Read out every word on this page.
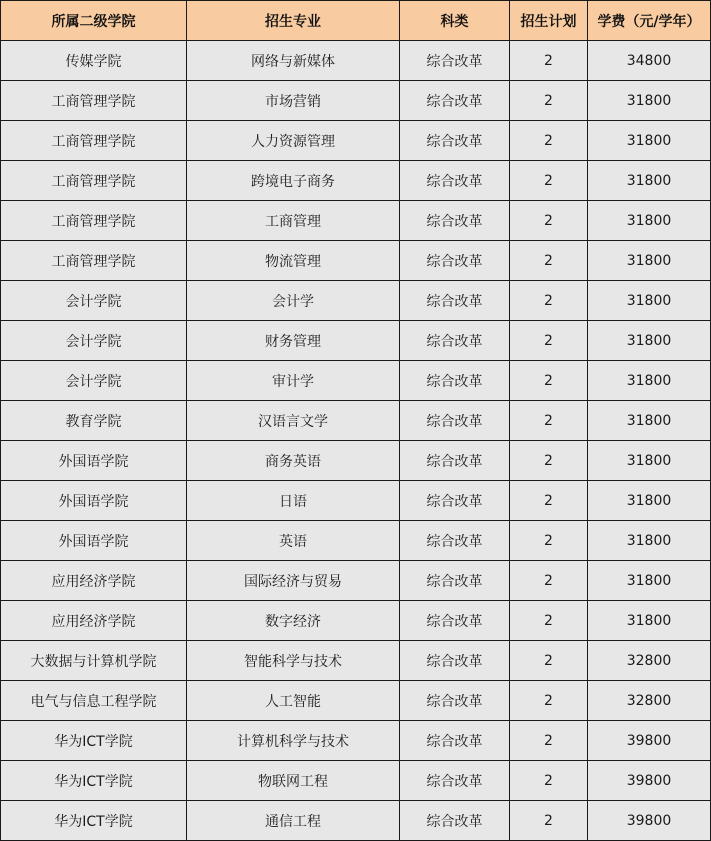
所属二级学院	招生专业	科类	招生计划	学费（元/学年）
传媒学院	网络与新媒体	综合改革	2	34800
工商管理学院	市场营销	综合改革	2	31800
工商管理学院	人力资源管理	综合改革	2	31800
工商管理学院	跨境电子商务	综合改革	2	31800
工商管理学院	工商管理	综合改革	2	31800
工商管理学院	物流管理	综合改革	2	31800
会计学院	会计学	综合改革	2	31800
会计学院	财务管理	综合改革	2	31800
会计学院	审计学	综合改革	2	31800
教育学院	汉语言文学	综合改革	2	31800
外国语学院	商务英语	综合改革	2	31800
外国语学院	日语	综合改革	2	31800
外国语学院	英语	综合改革	2	31800
应用经济学院	国际经济与贸易	综合改革	2	31800
应用经济学院	数字经济	综合改革	2	31800
大数据与计算机学院	智能科学与技术	综合改革	2	32800
电气与信息工程学院	人工智能	综合改革	2	32800
华为ICT学院	计算机科学与技术	综合改革	2	39800
华为ICT学院	物联网工程	综合改革	2	39800
华为ICT学院	通信工程	综合改革	2	39800
